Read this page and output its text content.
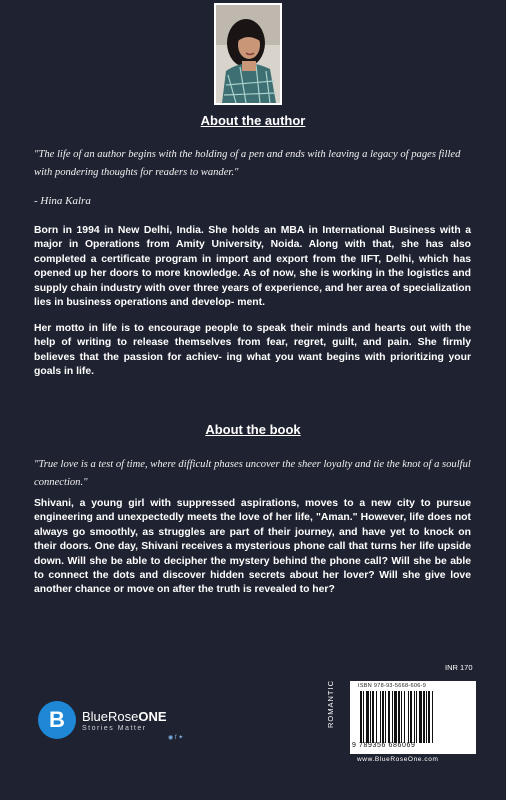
About the author
"The life of an author begins with the holding of a pen and ends with leaving a legacy of pages filled with pondering thoughts for readers to wander."
- Hina Kalra
Born in 1994 in New Delhi, India. She holds an MBA in International Business with a major in Operations from Amity University, Noida. Along with that, she has also completed a certificate program in import and export from the IIFT, Delhi, which has opened up her doors to more knowledge. As of now, she is working in the logistics and supply chain industry with over three years of experience, and her area of specialization lies in business operations and develop- ment.
Her motto in life is to encourage people to speak their minds and hearts out with the help of writing to release themselves from fear, regret, guilt, and pain. She firmly believes that the passion for achiev- ing what you want begins with prioritizing your goals in life.
About the book
"True love is a test of time, where difficult phases uncover the sheer loyalty and tie the knot of a soulful connection."
Shivani, a young girl with suppressed aspirations, moves to a new city to pursue engineering and unexpectedly meets the love of her life, "Aman." However, life does not always go smoothly, as struggles are part of their journey, and have yet to knock on their doors. One day, Shivani receives a mysterious phone call that turns her life upside down. Will she be able to decipher the mystery behind the phone call? Will she be able to connect the dots and discover hidden secrets about her lover? Will she give love another chance or move on after the truth is revealed to her?
B BlueRoseONE
Stories Matter
◉ f ✦
INR 170
ROMANTIC	ISBN 978-93-5668-606-9
9 789356 686069
www.BlueRoseOne.com
